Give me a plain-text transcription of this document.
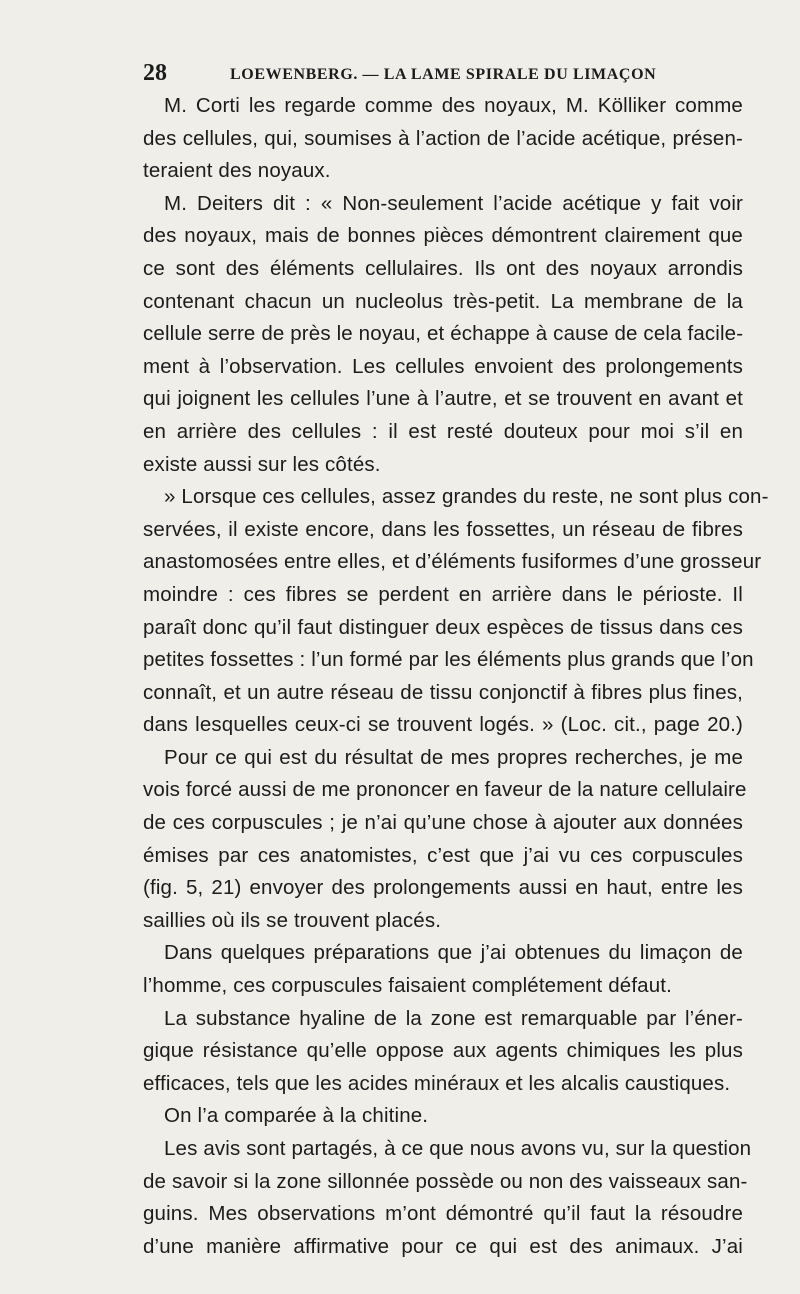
28	LOEWENBERG. — LA LAME SPIRALE DU LIMAÇON
M. Corti les regarde comme des noyaux, M. Kölliker comme
des cellules, qui, soumises à l’action de l’acide acétique, présen-
teraient des noyaux.
M. Deiters dit : « Non-seulement l’acide acétique y fait voir
des noyaux, mais de bonnes pièces démontrent clairement que
ce sont des éléments cellulaires. Ils ont des noyaux arrondis
contenant chacun un nucleolus très-petit. La membrane de la
cellule serre de près le noyau, et échappe à cause de cela facile-
ment à l’observation. Les cellules envoient des prolongements
qui joignent les cellules l’une à l’autre, et se trouvent en avant et
en arrière des cellules : il est resté douteux pour moi s’il en
existe aussi sur les côtés.
» Lorsque ces cellules, assez grandes du reste, ne sont plus con-
servées, il existe encore, dans les fossettes, un réseau de fibres
anastomosées entre elles, et d’éléments fusiformes d’une grosseur
moindre : ces fibres se perdent en arrière dans le périoste. Il
paraît donc qu’il faut distinguer deux espèces de tissus dans ces
petites fossettes : l’un formé par les éléments plus grands que l’on
connaît, et un autre réseau de tissu conjonctif à fibres plus fines,
dans lesquelles ceux-ci se trouvent logés. » (Loc. cit., page 20.)
Pour ce qui est du résultat de mes propres recherches, je me
vois forcé aussi de me prononcer en faveur de la nature cellulaire
de ces corpuscules ; je n’ai qu’une chose à ajouter aux données
émises par ces anatomistes, c’est que j’ai vu ces corpuscules
(fig. 5, 21) envoyer des prolongements aussi en haut, entre les
saillies où ils se trouvent placés.
Dans quelques préparations que j’ai obtenues du limaçon de
l’homme, ces corpuscules faisaient complétement défaut.
La substance hyaline de la zone est remarquable par l’éner-
gique résistance qu’elle oppose aux agents chimiques les plus
efficaces, tels que les acides minéraux et les alcalis caustiques.
On l’a comparée à la chitine.
Les avis sont partagés, à ce que nous avons vu, sur la question
de savoir si la zone sillonnée possède ou non des vaisseaux san-
guins. Mes observations m’ont démontré qu’il faut la résoudre
d’une manière affirmative pour ce qui est des animaux. J’ai
